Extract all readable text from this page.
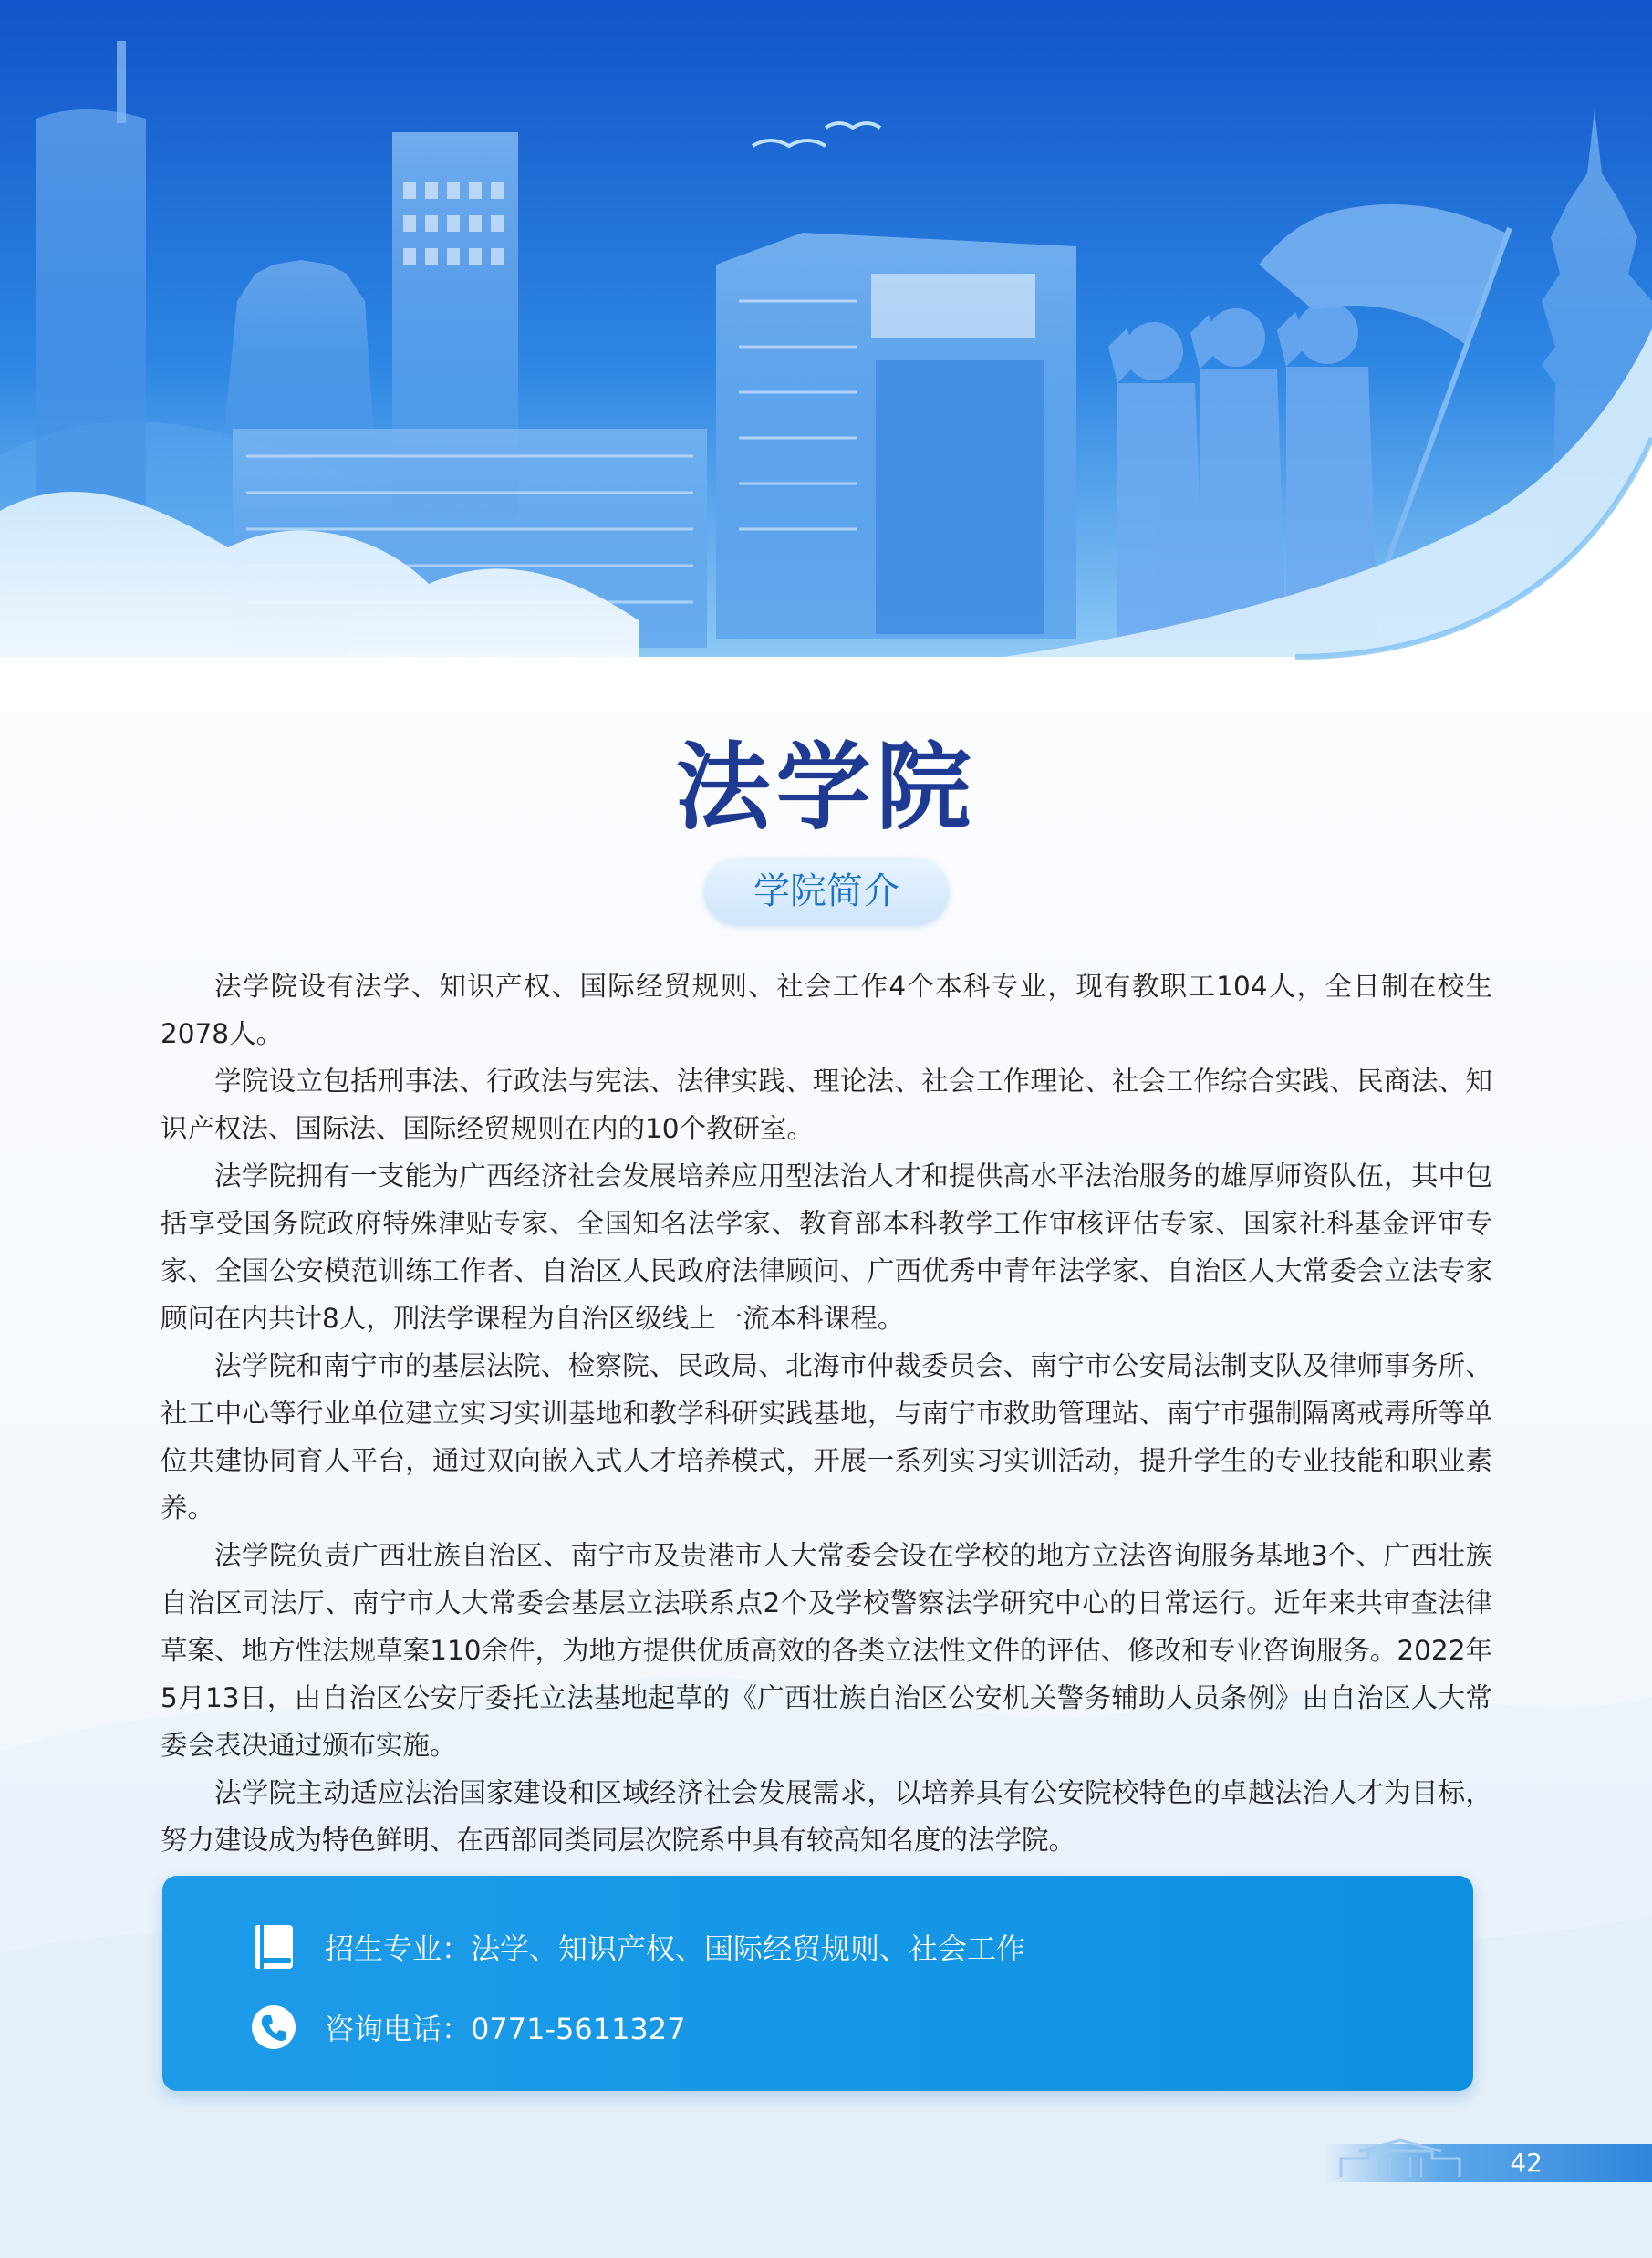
法学院
学院简介

法学院设有法学、知识产权、国际经贸规则、社会工作4个本科专业，现有教职工104人，全日制在校生2078人。

学院设立包括刑事法、行政法与宪法、法律实践、理论法、社会工作理论、社会工作综合实践、民商法、知识产权法、国际法、国际经贸规则在内的10个教研室。

法学院拥有一支能为广西经济社会发展培养应用型法治人才和提供高水平法治服务的雄厚师资队伍，其中包括享受国务院政府特殊津贴专家、全国知名法学家、教育部本科教学工作审核评估专家、国家社科基金评审专家、全国公安模范训练工作者、自治区人民政府法律顾问、广西优秀中青年法学家、自治区人大常委会立法专家顾问在内共计8人，刑法学课程为自治区级线上一流本科课程。

法学院和南宁市的基层法院、检察院、民政局、北海市仲裁委员会、南宁市公安局法制支队及律师事务所、社工中心等行业单位建立实习实训基地和教学科研实践基地，与南宁市救助管理站、南宁市强制隔离戒毒所等单位共建协同育人平台，通过双向嵌入式人才培养模式，开展一系列实习实训活动，提升学生的专业技能和职业素养。

法学院负责广西壮族自治区、南宁市及贵港市人大常委会设在学校的地方立法咨询服务基地3个、广西壮族自治区司法厅、南宁市人大常委会基层立法联系点2个及学校警察法学研究中心的日常运行。近年来共审查法律草案、地方性法规草案110余件，为地方提供优质高效的各类立法性文件的评估、修改和专业咨询服务。2022年5月13日，由自治区公安厅委托立法基地起草的《广西壮族自治区公安机关警务辅助人员条例》由自治区人大常委会表决通过颁布实施。

法学院主动适应法治国家建设和区域经济社会发展需求，以培养具有公安院校特色的卓越法治人才为目标，努力建设成为特色鲜明、在西部同类同层次院系中具有较高知名度的法学院。

招生专业：法学、知识产权、国际经贸规则、社会工作
咨询电话：0771-5611327
42
